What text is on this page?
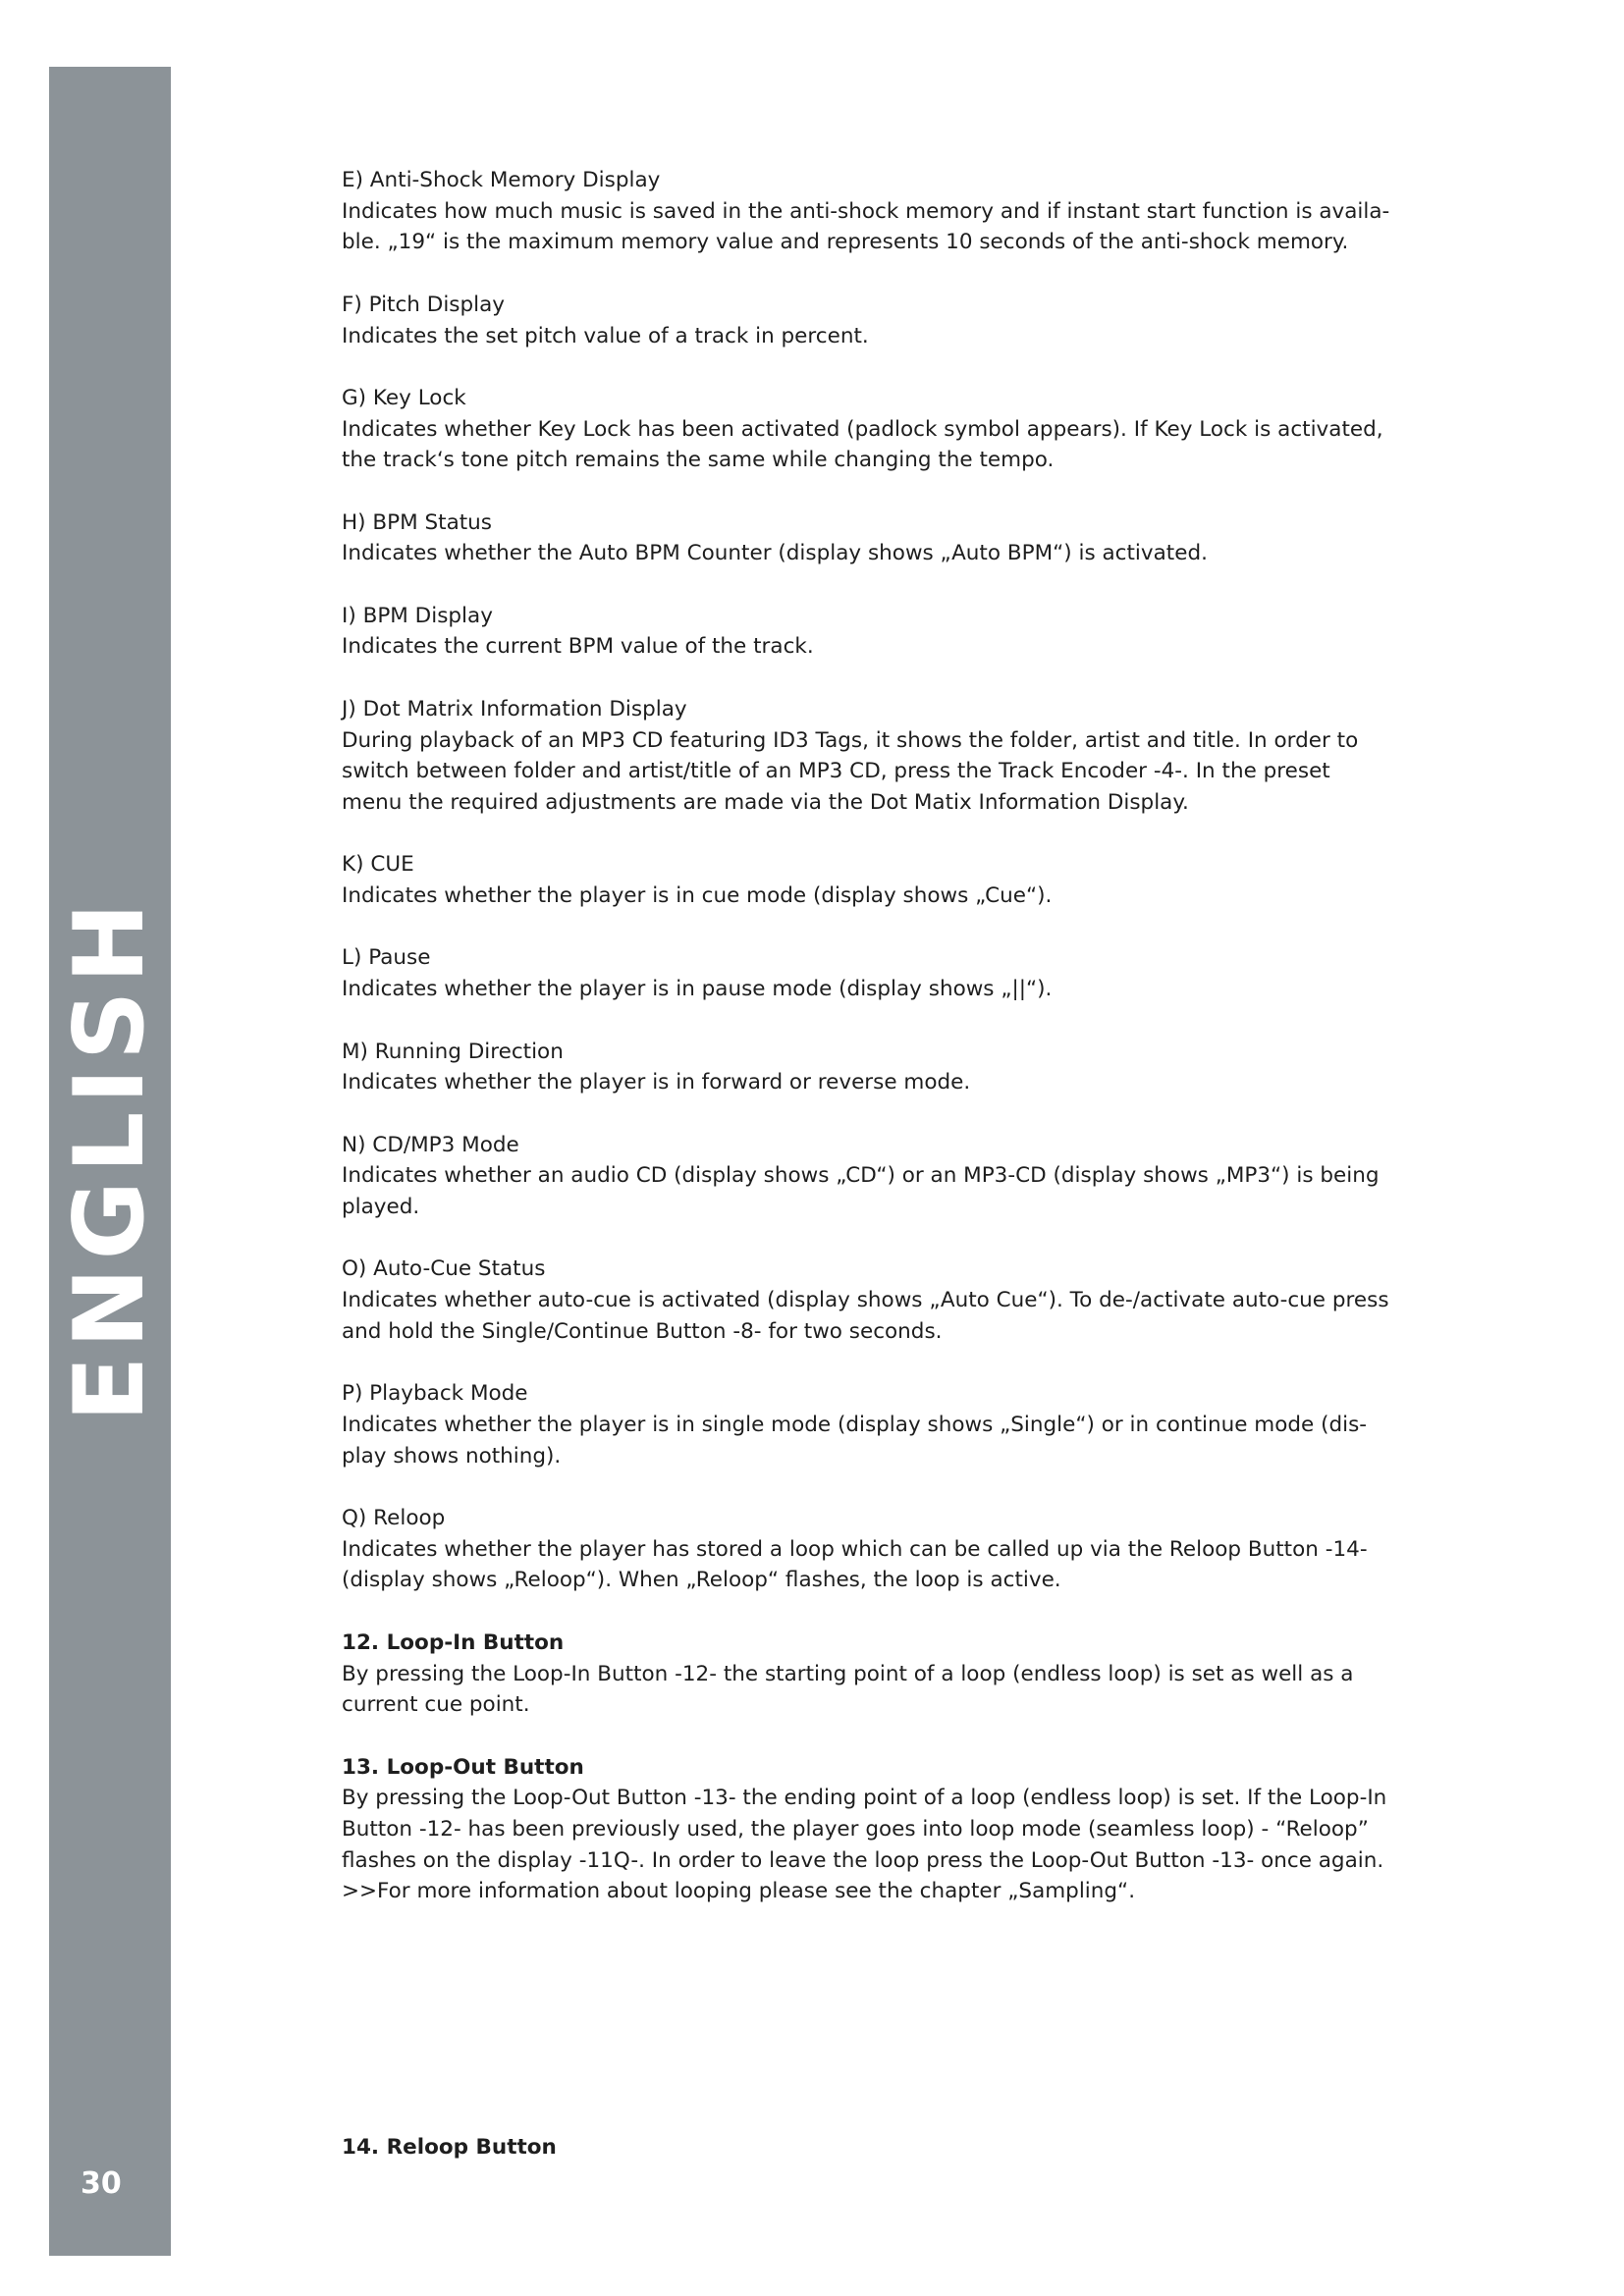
ENGLISH
30

E) Anti-Shock Memory Display

Indicates how much music is saved in the anti-shock memory and if instant start function is availa-

ble. „19“ is the maximum memory value and represents 10 seconds of the anti-shock memory.

F) Pitch Display

Indicates the set pitch value of a track in percent.

G) Key Lock

Indicates whether Key Lock has been activated (padlock symbol appears). If Key Lock is activated,

the track‘s tone pitch remains the same while changing the tempo.

H) BPM Status

Indicates whether the Auto BPM Counter (display shows „Auto BPM“) is activated.

I) BPM Display

Indicates the current BPM value of the track.

J) Dot Matrix Information Display

During playback of an MP3 CD featuring ID3 Tags, it shows the folder, artist and title. In order to

switch between folder and artist/title of an MP3 CD, press the Track Encoder -4-. In the preset

menu the required adjustments are made via the Dot Matix Information Display.

K) CUE

Indicates whether the player is in cue mode (display shows „Cue“).

L) Pause

Indicates whether the player is in pause mode (display shows „||“).

M) Running Direction

Indicates whether the player is in forward or reverse mode.

N) CD/MP3 Mode

Indicates whether an audio CD (display shows „CD“) or an MP3-CD (display shows „MP3“) is being

played.

O) Auto-Cue Status

Indicates whether auto-cue is activated (display shows „Auto Cue“). To de-/activate auto-cue press

and hold the Single/Continue Button -8- for two seconds.

P) Playback Mode

Indicates whether the player is in single mode (display shows „Single“) or in continue mode (dis-

play shows nothing).

Q) Reloop

Indicates whether the player has stored a loop which can be called up via the Reloop Button -14-

(display shows „Reloop“). When „Reloop“ flashes, the loop is active.

12. Loop-In Button

By pressing the Loop-In Button -12- the starting point of a loop (endless loop) is set as well as a

current cue point.

13. Loop-Out Button

By pressing the Loop-Out Button -13- the ending point of a loop (endless loop) is set. If the Loop-In

Button -12- has been previously used, the player goes into loop mode (seamless loop) - “Reloop”

flashes on the display -11Q-. In order to leave the loop press the Loop-Out Button -13- once again.

>>For more information about looping please see the chapter „Sampling“.

14. Reloop Button
